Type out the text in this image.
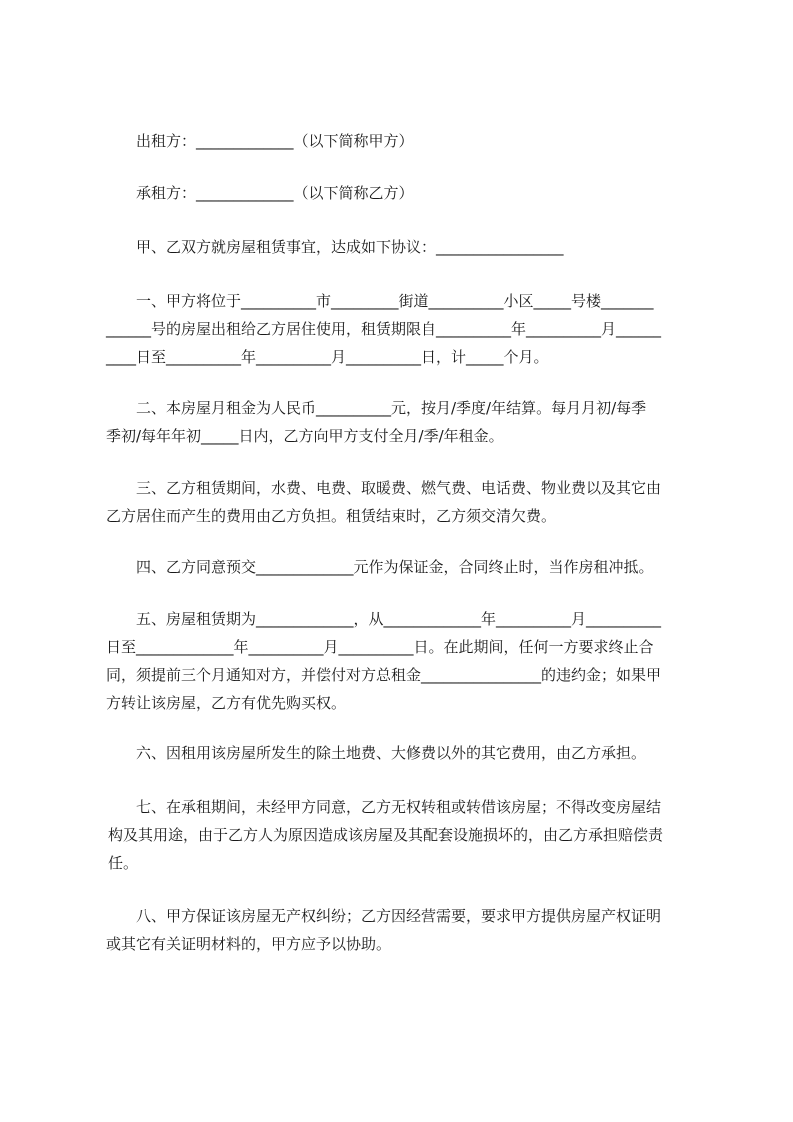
出租方：_____________（以下简称甲方）
承租方：_____________（以下简称乙方）
甲、乙双方就房屋租赁事宜，达成如下协议：_________________
一、甲方将位于__________市_________街道__________小区_____号楼_______
______号的房屋出租给乙方居住使用，租赁期限自__________年__________月______
____日至__________年__________月__________日，计_____个月。
二、本房屋月租金为人民币__________元，按月/季度/年结算。每月月初/每季
季初/每年年初_____日内，乙方向甲方支付全月/季/年租金。
三、乙方租赁期间，水费、电费、取暖费、燃气费、电话费、物业费以及其它由
乙方居住而产生的费用由乙方负担。租赁结束时，乙方须交清欠费。
四、乙方同意预交_____________元作为保证金，合同终止时，当作房租冲抵。
五、房屋租赁期为_____________，从_____________年__________月__________
日至_____________年__________月__________日。在此期间，任何一方要求终止合
同，须提前三个月通知对方，并偿付对方总租金________________的违约金；如果甲
方转让该房屋，乙方有优先购买权。
六、因租用该房屋所发生的除土地费、大修费以外的其它费用，由乙方承担。
七、在承租期间，未经甲方同意，乙方无权转租或转借该房屋；不得改变房屋结
构及其用途，由于乙方人为原因造成该房屋及其配套设施损坏的，由乙方承担赔偿责
任。
八、甲方保证该房屋无产权纠纷；乙方因经营需要，要求甲方提供房屋产权证明
或其它有关证明材料的，甲方应予以协助。
